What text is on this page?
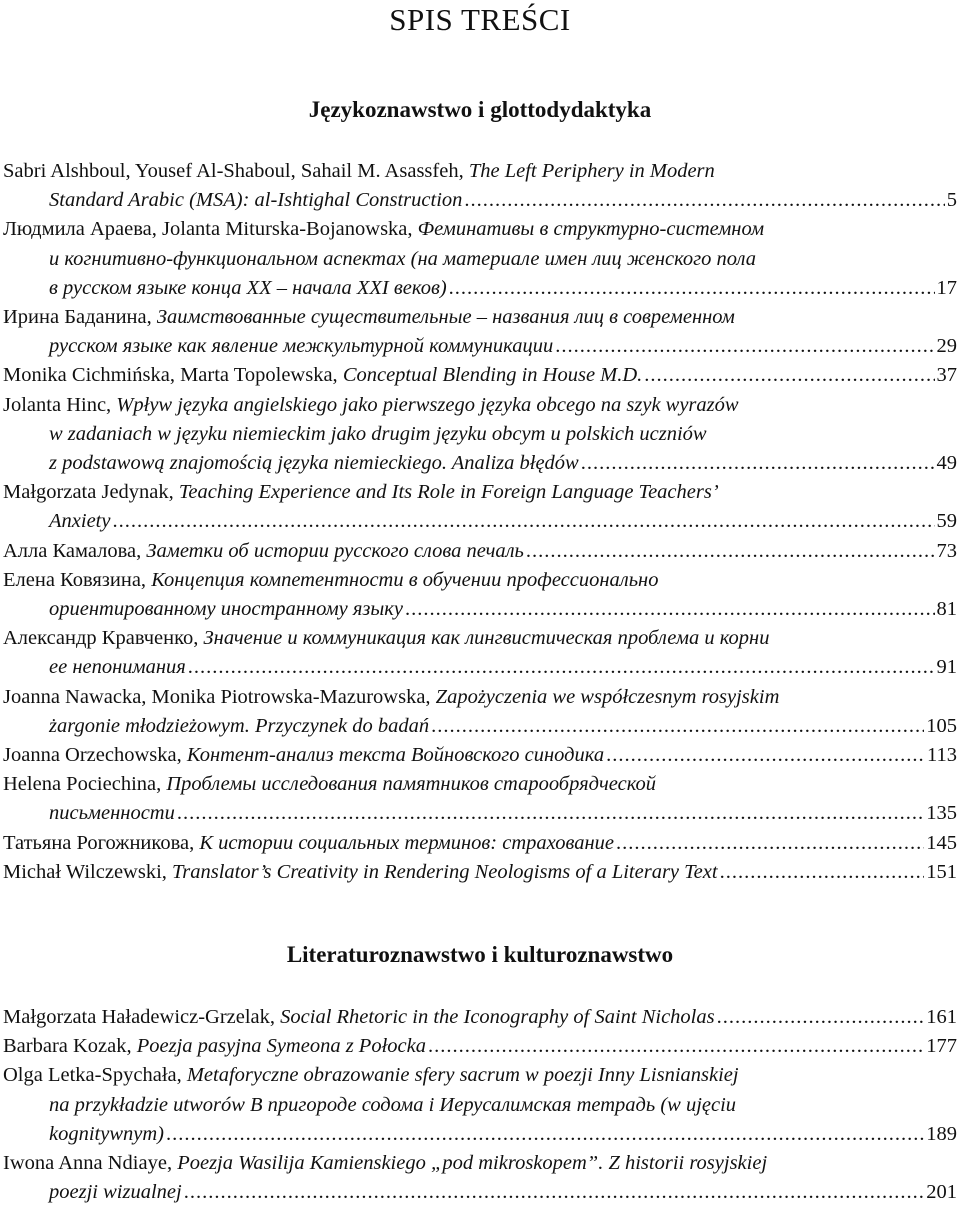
SPIS TREŚCI
Językoznawstwo i glottodydaktyka
Sabri Alshboul, Yousef Al-Shaboul, Sahail M. Asassfeh, The Left Periphery in Modern
Standard Arabic (MSA): al-Ishtighal Construction .....	5
Людмила Араева, Jolanta Miturska-Bojanowska, Феминативы в структурно-системном
и когнитивно-функциональном аспектах (на материале имен лиц женского пола
в русском языке конца XX – начала XXI веков) .....	17
Ирина Баданина, Заимствованные существительные – названия лиц в современном
русском языке как явление межкультурной коммуникации .....	29
Monika Cichmińska, Marta Topolewska, Conceptual Blending in House M.D. .....	37
Jolanta Hinc, Wpływ języka angielskiego jako pierwszego języka obcego na szyk wyrazów
w zadaniach w języku niemieckim jako drugim języku obcym u polskich uczniów
z podstawową znajomością języka niemieckiego. Analiza błędów .....	49
Małgorzata Jedynak, Teaching Experience and Its Role in Foreign Language Teachers’
Anxiety .....	59
Алла Камалова, Заметки об истории русского слова печаль .....	73
Елена Ковязина, Концепция компетентности в обучении профессионально
ориентированному иностранному языку .....	81
Александр Кравченко, Значение и коммуникация как лингвистическая проблема и корни
ее непонимания .....	91
Joanna Nawacka, Monika Piotrowska-Mazurowska, Zapożyczenia we współczesnym rosyjskim
żargonie młodzieżowym. Przyczynek do badań .....	105
Joanna Orzechowska, Контент-анализ текста Войновского синодика .....	113
Helena Pociechina, Проблемы исследования памятников старообрядческой
письменности .....	135
Татьяна Рогожникова, К истории социальных терминов: страхование .....	145
Michał Wilczewski, Translator’s Creativity in Rendering Neologisms of a Literary Text .....	151
Literaturoznawstwo i kulturoznawstwo
Małgorzata Haładewicz-Grzelak, Social Rhetoric in the Iconography of Saint Nicholas .....	161
Barbara Kozak, Poezja pasyjna Symeona z Połocka .....	177
Olga Letka-Spychała, Metaforyczne obrazowanie sfery sacrum w poezji Inny Lisnianskiej
na przykładzie utworów В пригороде содома i Иерусалимская тетрадь (w ujęciu
kognitywnym) .....	189
Iwona Anna Ndiaye, Poezja Wasilija Kamienskiego „pod mikroskopem”. Z historii rosyjskiej
poezji wizualnej .....	201
